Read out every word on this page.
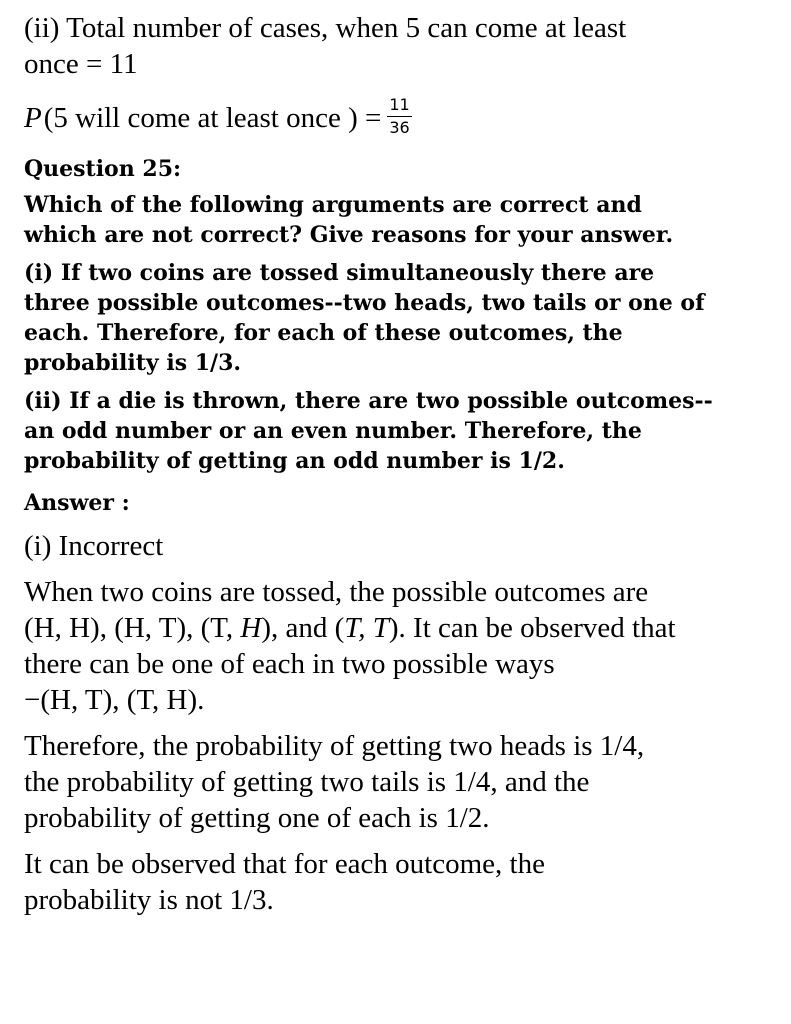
(ii) Total number of cases, when 5 can come at least

once = 11

P (5 will come at least once ) = $\frac{11}{36}$

Question 25:

Which of the following arguments are correct and

which are not correct? Give reasons for your answer.

(i) If two coins are tossed simultaneously there are

three possible outcomes--two heads, two tails or one of

each. Therefore, for each of these outcomes, the

probability is 1/3.

(ii) If a die is thrown, there are two possible outcomes--

an odd number or an even number. Therefore, the

probability of getting an odd number is 1/2.

Answer :

(i) Incorrect

When two coins are tossed, the possible outcomes are

(H, H), (H, T), (T, H), and (T, T). It can be observed that

there can be one of each in two possible ways

−(H, T), (T, H).

Therefore, the probability of getting two heads is 1/4,

the probability of getting two tails is 1/4, and the

probability of getting one of each is 1/2.

It can be observed that for each outcome, the

probability is not 1/3.
